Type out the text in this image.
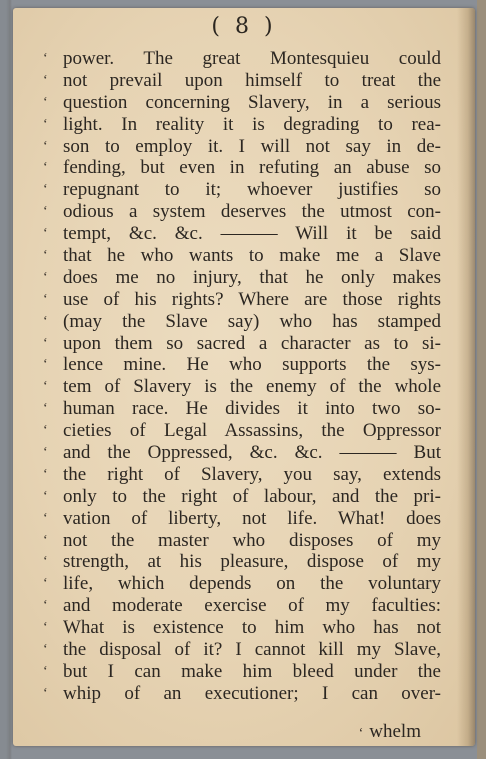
( 8 )
‘ power. The great Montesquieu could
‘ not prevail upon himself to treat the
‘ question concerning Slavery, in a serious
‘ light. In reality it is degrading to rea-
‘ son to employ it. I will not say in de-
‘ fending, but even in refuting an abuse so
‘ repugnant to it; whoever justifies so
‘ odious a system deserves the utmost con-
‘ tempt, &c. &c. ——— Will it be said
‘ that he who wants to make me a Slave
‘ does me no injury, that he only makes
‘ use of his rights? Where are those rights
‘ (may the Slave say) who has stamped
‘ upon them so sacred a character as to si-
‘ lence mine. He who supports the sys-
‘ tem of Slavery is the enemy of the whole
‘ human race. He divides it into two so-
‘ cieties of Legal Assassins, the Oppressor
‘ and the Oppressed, &c. &c. ——— But
‘ the right of Slavery, you say, extends
‘ only to the right of labour, and the pri-
‘ vation of liberty, not life. What! does
‘ not the master who disposes of my
‘ strength, at his pleasure, dispose of my
‘ life, which depends on the voluntary
‘ and moderate exercise of my faculties:
‘ What is existence to him who has not
‘ the disposal of it? I cannot kill my Slave,
‘ but I can make him bleed under the
‘ whip of an executioner; I can over-
‘ whelm
